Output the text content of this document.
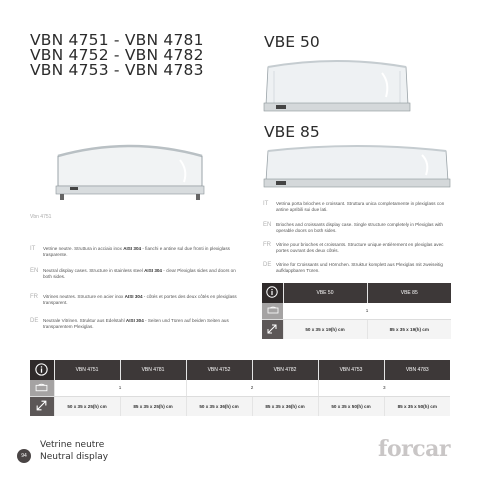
VBN 4751 - VBN 4781
VBN 4752 - VBN 4782
VBN 4753 - VBN 4783
VBE 50
VBE 85
Vbn 4751
IT	Vetrine neutre. Struttura in acciaio inox AISI 304 - fianchi e antine sul due fronti in plexiglass trasparente.
EN	Neutral display cases. Structure in stainless steel AISI 304 - clear Plexiglas sides and doors on both sides.
FR	Vitrines neutres. Structure en acier inox AISI 304 - côtés et portes des deux côtés en plexiglass transparent.
DE	Neutrale Vitrinen. Struktur aus Edelstahl AISI 304 - Seiten und Türen auf beiden Seiten aus transparentem Plexiglas.
IT	Vetrina porta brioches e croissant. Struttura unica completamente in plexiglass con antine apribili sui due lati.
EN	Brioches and croissants display case. Single structure completely in Plexiglas with operable doors on both sides.
FR	Vitrine pour brioches et croissants. Structure unique entièrement en plexiglas avec portes ouvrant des deux côtés.
DE	Vitrine für Croissants und Hörnchen. Struktur komplett aus Plexiglas mit zweiseitig aufklappbaren Türen.
	VBE 50	VBE 85
	1	
	50 x 35 x 19(h) cm	85 x 35 x 19(h) cm
	VBN 4751	VBN 4781	VBN 4752	VBN 4782	VBN 4753	VBN 4783
	1		2		3	
	50 x 35 x 25(h) cm	85 x 35 x 25(h) cm	50 x 35 x 36(h) cm	85 x 35 x 36(h) cm	50 x 35 x 50(h) cm	85 x 35 x 50(h) cm
94
Vetrine neutre
Neutral display	forcar
